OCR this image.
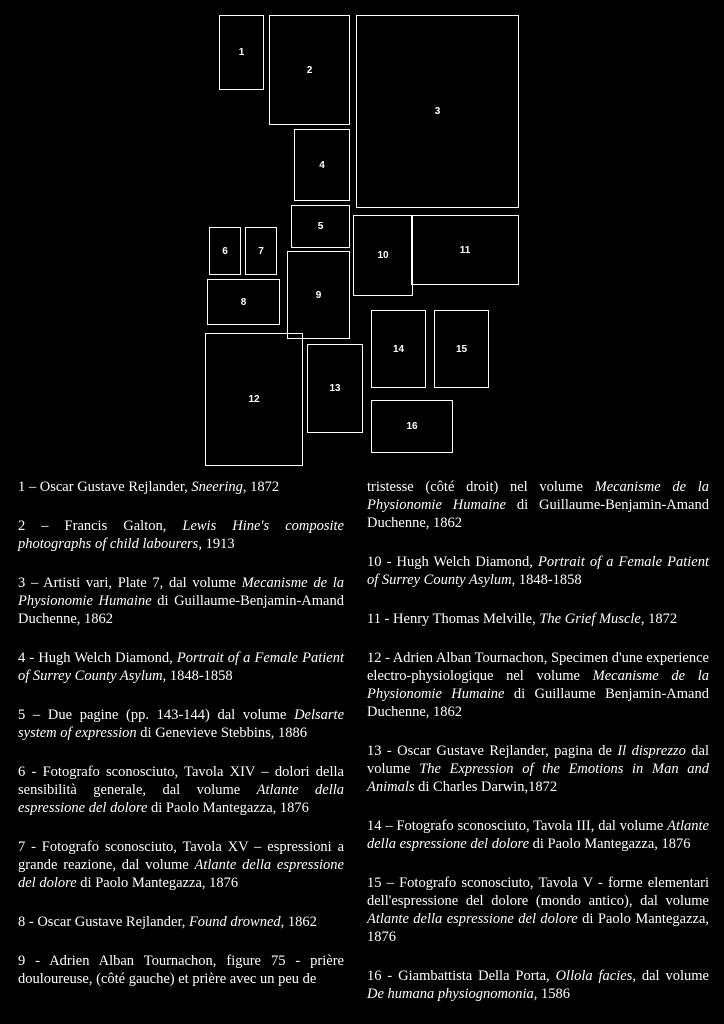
1
2
3
4
5
6	7
8
9
10	11
12
13
14	15
16

1 – Oscar Gustave Rejlander, Sneering, 1872

2 – Francis Galton, Lewis Hine's composite photographs of child labourers, 1913

3 – Artisti vari, Plate 7, dal volume Mecanisme de la Physionomie Humaine di Guillaume-Benjamin-Amand Duchenne, 1862

4 - Hugh Welch Diamond, Portrait of a Female Patient of Surrey County Asylum, 1848-1858

5 – Due pagine (pp. 143-144) dal volume Delsarte system of expression di Genevieve Stebbins, 1886

6 - Fotografo sconosciuto, Tavola XIV – dolori della sensibilità generale, dal volume Atlante della espressione del dolore di Paolo Mantegazza, 1876

7 - Fotografo sconosciuto, Tavola XV – espressioni a grande reazione, dal volume Atlante della espressione del dolore di Paolo Mantegazza, 1876

8 - Oscar Gustave Rejlander, Found drowned, 1862

9 - Adrien Alban Tournachon, figure 75 - prière douloureuse, (côté gauche) et prière avec un peu de

tristesse (côté droit) nel volume Mecanisme de la Physionomie Humaine di Guillaume-Benjamin-Amand Duchenne, 1862

10 - Hugh Welch Diamond, Portrait of a Female Patient of Surrey County Asylum, 1848-1858

11 - Henry Thomas Melville, The Grief Muscle, 1872

12 - Adrien Alban Tournachon, Specimen d'une experience electro-physiologique nel volume Mecanisme de la Physionomie Humaine di Guillaume Benjamin-Amand Duchenne, 1862

13 - Oscar Gustave Rejlander, pagina de Il disprezzo dal volume The Expression of the Emotions in Man and Animals di Charles Darwin,1872

14 – Fotografo sconosciuto, Tavola III, dal volume Atlante della espressione del dolore di Paolo Mantegazza, 1876

15 – Fotografo sconosciuto, Tavola V - forme elementari dell'espressione del dolore (mondo antico), dal volume Atlante della espressione del dolore di Paolo Mantegazza, 1876

16 - Giambattista Della Porta, Ollola facies, dal volume De humana physiognomonia, 1586
